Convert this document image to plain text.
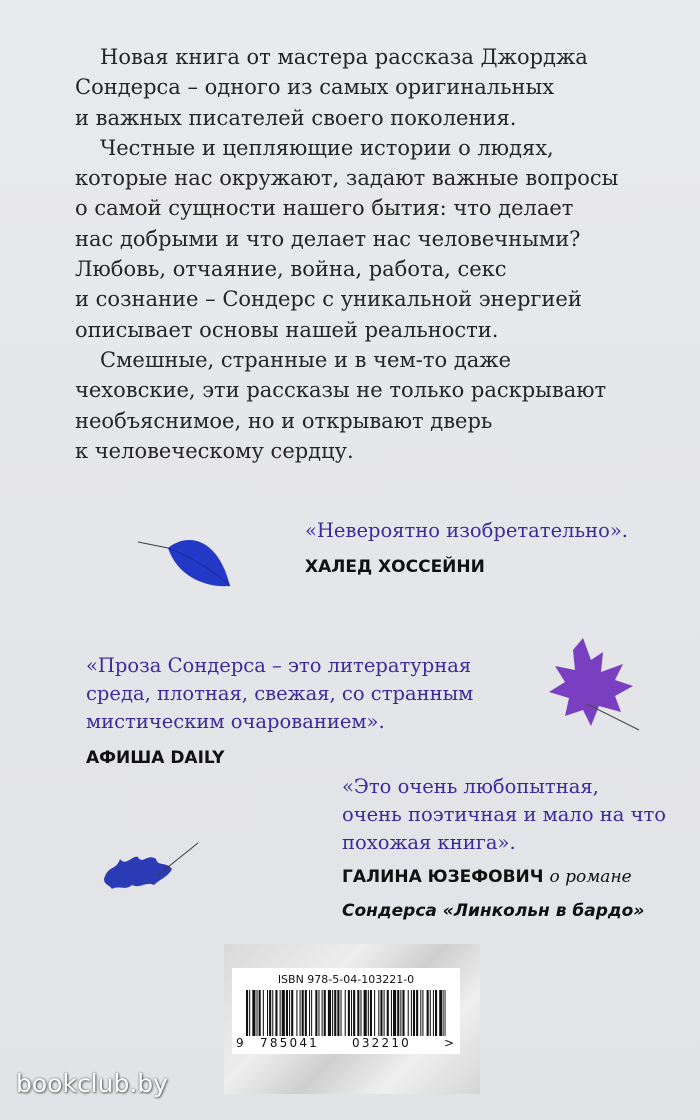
Новая книга от мастера рассказа Джорджа
Сондерса – одного из самых оригинальных
и важных писателей своего поколения.

Честные и цепляющие истории о людях,
которые нас окружают, задают важные вопросы
о самой сущности нашего бытия: что делает
нас добрыми и что делает нас человечными?
Любовь, отчаяние, война, работа, секс
и сознание – Сондерс с уникальной энергией
описывает основы нашей реальности.

Смешные, странные и в чем-то даже
чеховские, эти рассказы не только раскрывают
необъяснимое, но и открывают дверь
к человеческому сердцу.

«Невероятно изобретательно».
ХАЛЕД ХОССЕЙНИ
«Проза Сондерса – это литературная
среда, плотная, свежая, со странным
мистическим очарованием».
АФИША DAILY
«Это очень любопытная,
очень поэтичная и мало на что
похожая книга».
ГАЛИНА ЮЗЕФОВИЧ о романе
Сондерса «Линкольн в бардо»
ISBN 978-5-04-103221-0
9 785041	032210	>
bookclub.by
